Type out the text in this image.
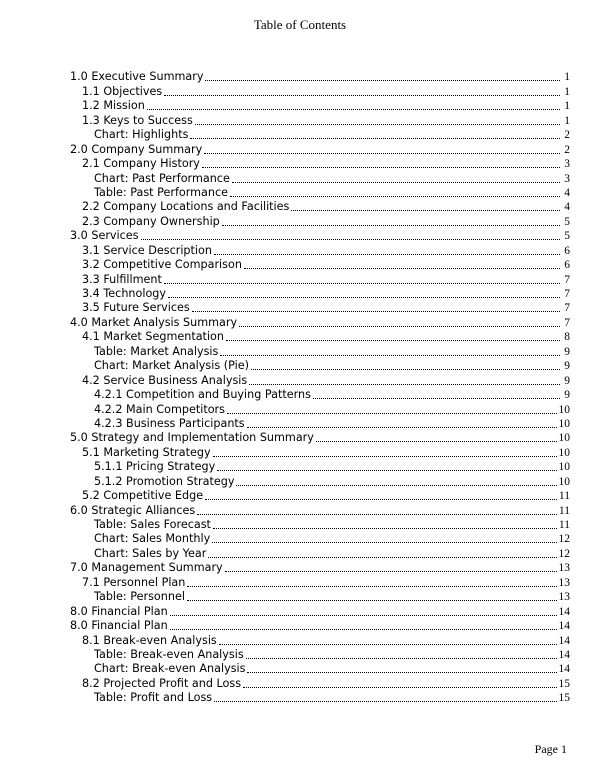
Table of Contents
1.0 Executive Summary	1
1.1 Objectives	1
1.2 Mission	1
1.3 Keys to Success	1
Chart: Highlights	2
2.0 Company Summary	2
2.1 Company History	3
Chart: Past Performance	3
Table: Past Performance	4
2.2 Company Locations and Facilities	4
2.3 Company Ownership	5
3.0 Services	5
3.1 Service Description	6
3.2 Competitive Comparison	6
3.3 Fulfillment	7
3.4 Technology	7
3.5 Future Services	7
4.0 Market Analysis Summary	7
4.1 Market Segmentation	8
Table: Market Analysis	9
Chart: Market Analysis (Pie)	9
4.2 Service Business Analysis	9
4.2.1 Competition and Buying Patterns	9
4.2.2 Main Competitors	10
4.2.3 Business Participants	10
5.0 Strategy and Implementation Summary	10
5.1 Marketing Strategy	10
5.1.1 Pricing Strategy	10
5.1.2 Promotion Strategy	10
5.2 Competitive Edge	11
6.0 Strategic Alliances	11
Table: Sales Forecast	11
Chart: Sales Monthly	12
Chart: Sales by Year	12
7.0 Management Summary	13
7.1 Personnel Plan	13
Table: Personnel	13
8.0 Financial Plan	14
8.0 Financial Plan	14
8.1 Break-even Analysis	14
Table: Break-even Analysis	14
Chart: Break-even Analysis	14
8.2 Projected Profit and Loss	15
Table: Profit and Loss	15
Page 1
